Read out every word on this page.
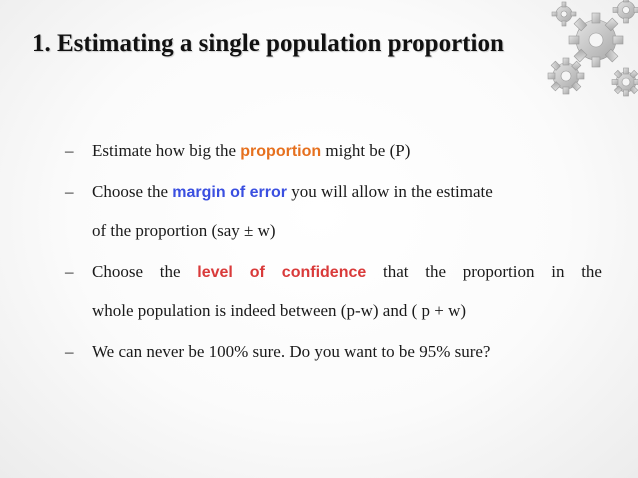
1. Estimating a single population proportion
– Estimate how big the proportion might be (P)
– Choose the margin of error you will allow in the estimate
of the proportion (say ± w)
– Choose the level of confidence that the proportion in the
whole population is indeed between (p-w) and ( p + w)
– We can never be 100% sure. Do you want to be 95% sure?
